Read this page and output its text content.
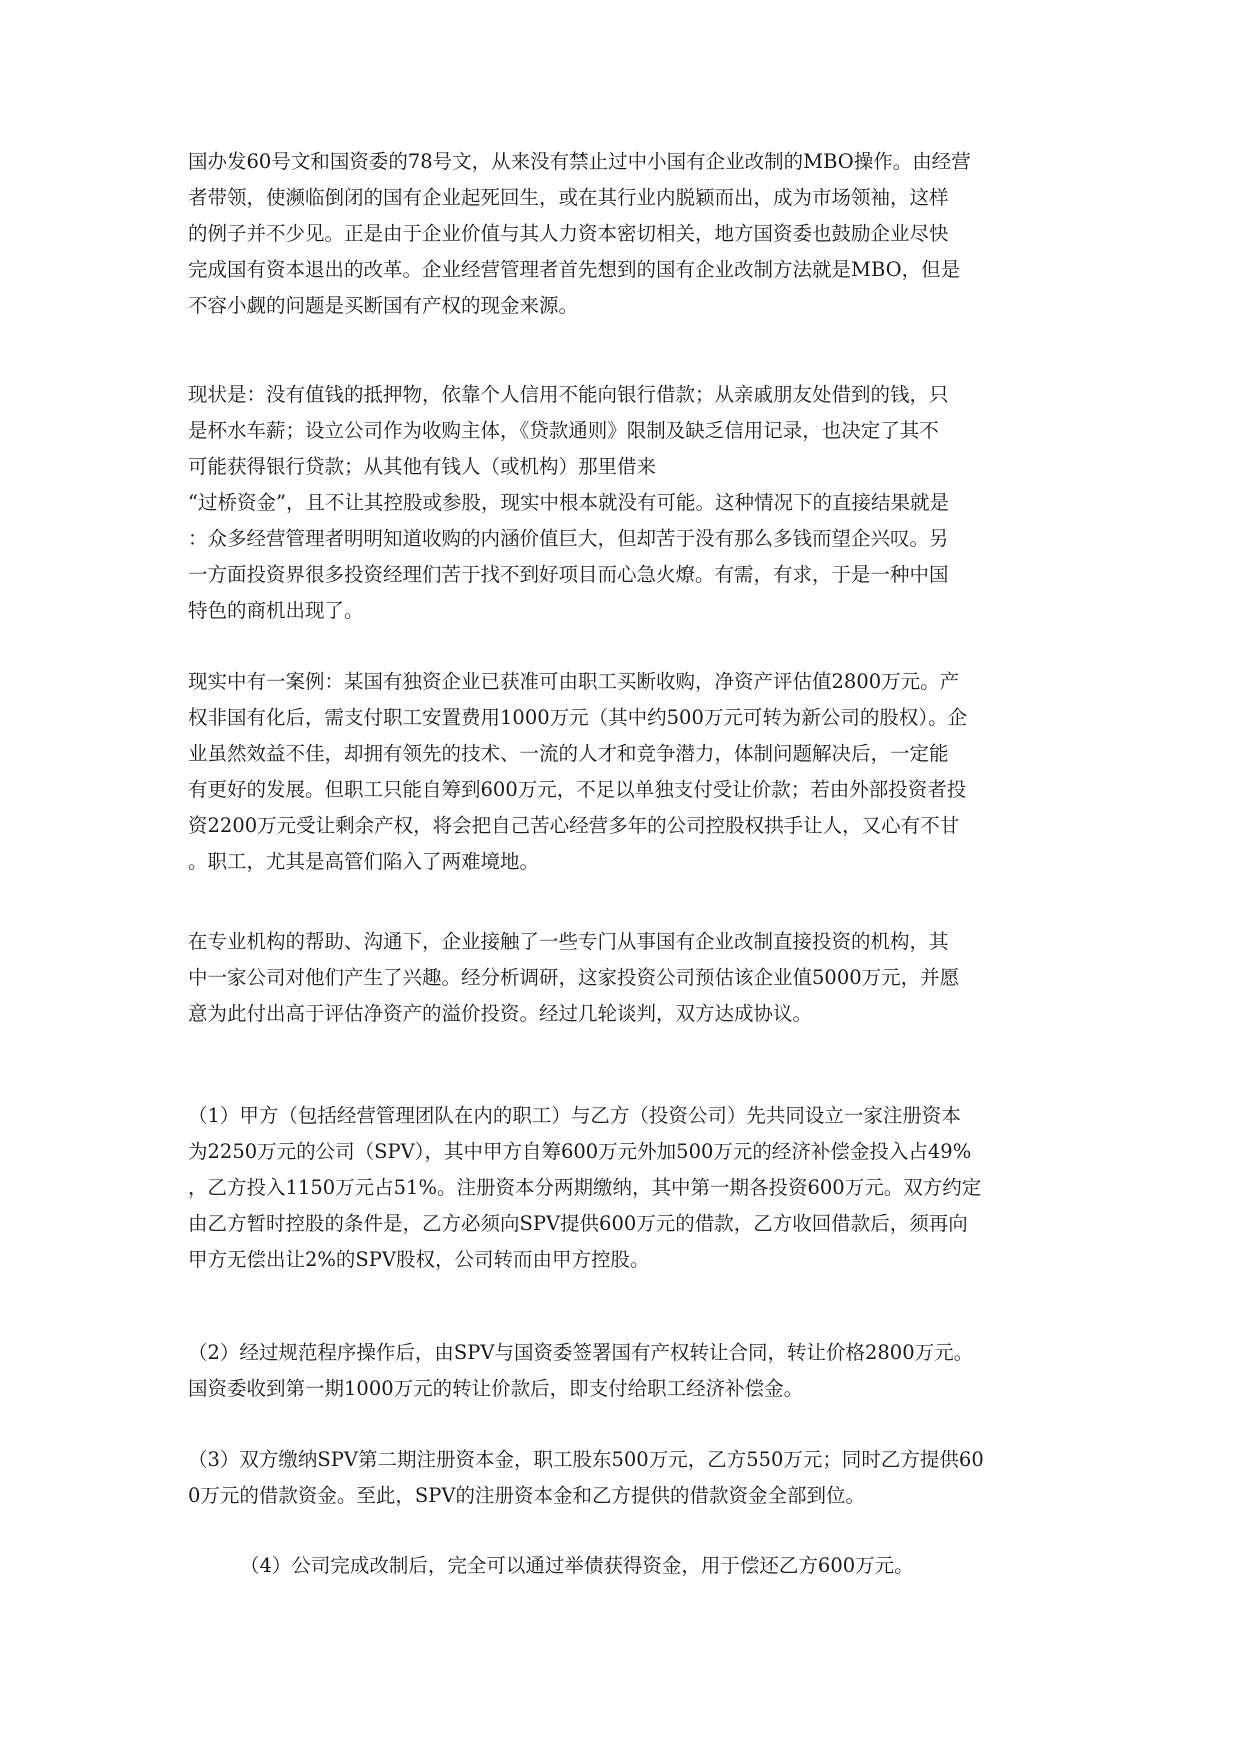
国办发60号文和国资委的78号文，从来没有禁止过中小国有企业改制的MBO操作。由经营
者带领，使濒临倒闭的国有企业起死回生，或在其行业内脱颖而出，成为市场领袖，这样
的例子并不少见。正是由于企业价值与其人力资本密切相关，地方国资委也鼓励企业尽快
完成国有资本退出的改革。企业经营管理者首先想到的国有企业改制方法就是MBO，但是
不容小觑的问题是买断国有产权的现金来源。
现状是：没有值钱的抵押物，依靠个人信用不能向银行借款；从亲戚朋友处借到的钱，只
是杯水车薪；设立公司作为收购主体，《贷款通则》限制及缺乏信用记录，也决定了其不
可能获得银行贷款；从其他有钱人（或机构）那里借来
“过桥资金”，且不让其控股或参股，现实中根本就没有可能。这种情况下的直接结果就是
：众多经营管理者明明知道收购的内涵价值巨大，但却苦于没有那么多钱而望企兴叹。另
一方面投资界很多投资经理们苦于找不到好项目而心急火燎。有需，有求，于是一种中国
特色的商机出现了。
现实中有一案例：某国有独资企业已获准可由职工买断收购，净资产评估值2800万元。产
权非国有化后，需支付职工安置费用1000万元（其中约500万元可转为新公司的股权）。企
业虽然效益不佳，却拥有领先的技术、一流的人才和竞争潜力，体制问题解决后，一定能
有更好的发展。但职工只能自筹到600万元，不足以单独支付受让价款；若由外部投资者投
资2200万元受让剩余产权，将会把自己苦心经营多年的公司控股权拱手让人，又心有不甘
。职工，尤其是高管们陷入了两难境地。
在专业机构的帮助、沟通下，企业接触了一些专门从事国有企业改制直接投资的机构，其
中一家公司对他们产生了兴趣。经分析调研，这家投资公司预估该企业值5000万元，并愿
意为此付出高于评估净资产的溢价投资。经过几轮谈判，双方达成协议。
（1）甲方（包括经营管理团队在内的职工）与乙方（投资公司）先共同设立一家注册资本
为2250万元的公司（SPV），其中甲方自筹600万元外加500万元的经济补偿金投入占49%
，乙方投入1150万元占51%。注册资本分两期缴纳，其中第一期各投资600万元。双方约定
由乙方暂时控股的条件是，乙方必须向SPV提供600万元的借款，乙方收回借款后，须再向
甲方无偿出让2%的SPV股权，公司转而由甲方控股。
（2）经过规范程序操作后，由SPV与国资委签署国有产权转让合同，转让价格2800万元。
国资委收到第一期1000万元的转让价款后，即支付给职工经济补偿金。
（3）双方缴纳SPV第二期注册资本金，职工股东500万元，乙方550万元；同时乙方提供60
0万元的借款资金。至此，SPV的注册资本金和乙方提供的借款资金全部到位。
（4）公司完成改制后，完全可以通过举债获得资金，用于偿还乙方600万元。
